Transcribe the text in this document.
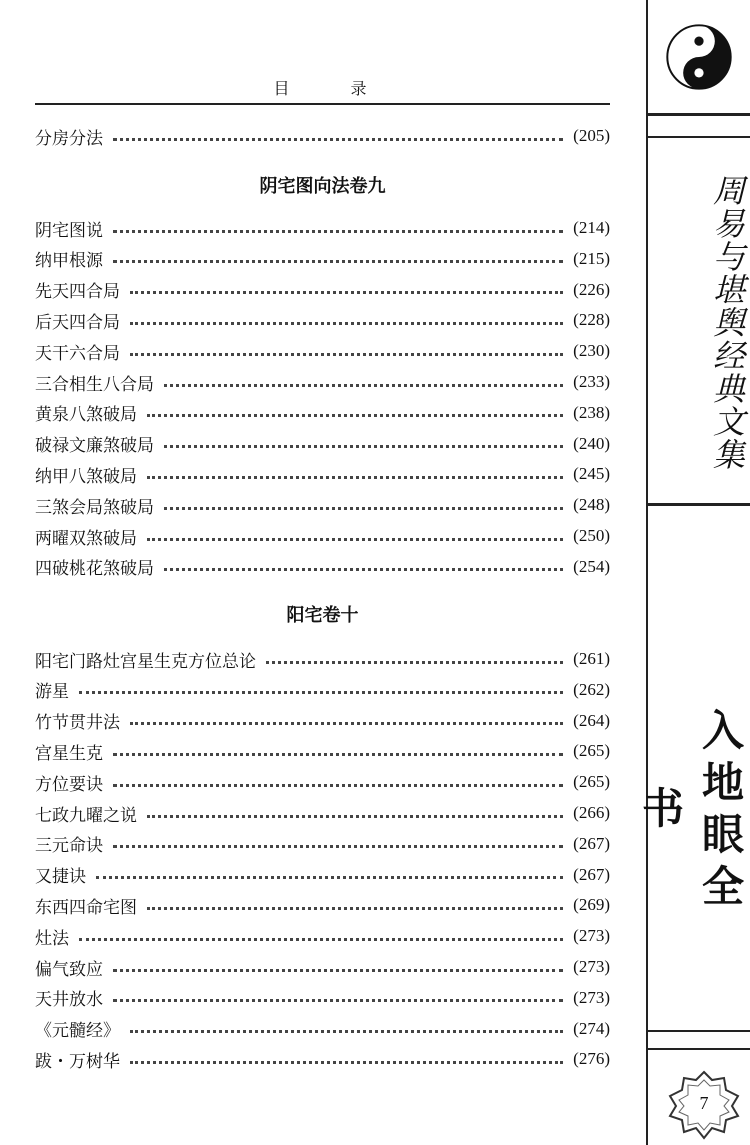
目 录
分房分法	(205)
阴宅图向法卷九
阴宅图说	(214)
纳甲根源	(215)
先天四合局	(226)
后天四合局	(228)
天干六合局	(230)
三合相生八合局	(233)
黄泉八煞破局	(238)
破禄文廉煞破局	(240)
纳甲八煞破局	(245)
三煞会局煞破局	(248)
两曜双煞破局	(250)
四破桃花煞破局	(254)
阳宅卷十
阳宅门路灶宫星生克方位总论	(261)
游星	(262)
竹节贯井法	(264)
宫星生克	(265)
方位要诀	(265)
七政九曜之说	(266)
三元命诀	(267)
又捷诀	(267)
东西四命宅图	(269)
灶法	(273)
偏气致应	(273)
天井放水	(273)
《元髓经》	(274)
跋・万树华	(276)
周易与堪舆经典文集
入地眼全书
7
